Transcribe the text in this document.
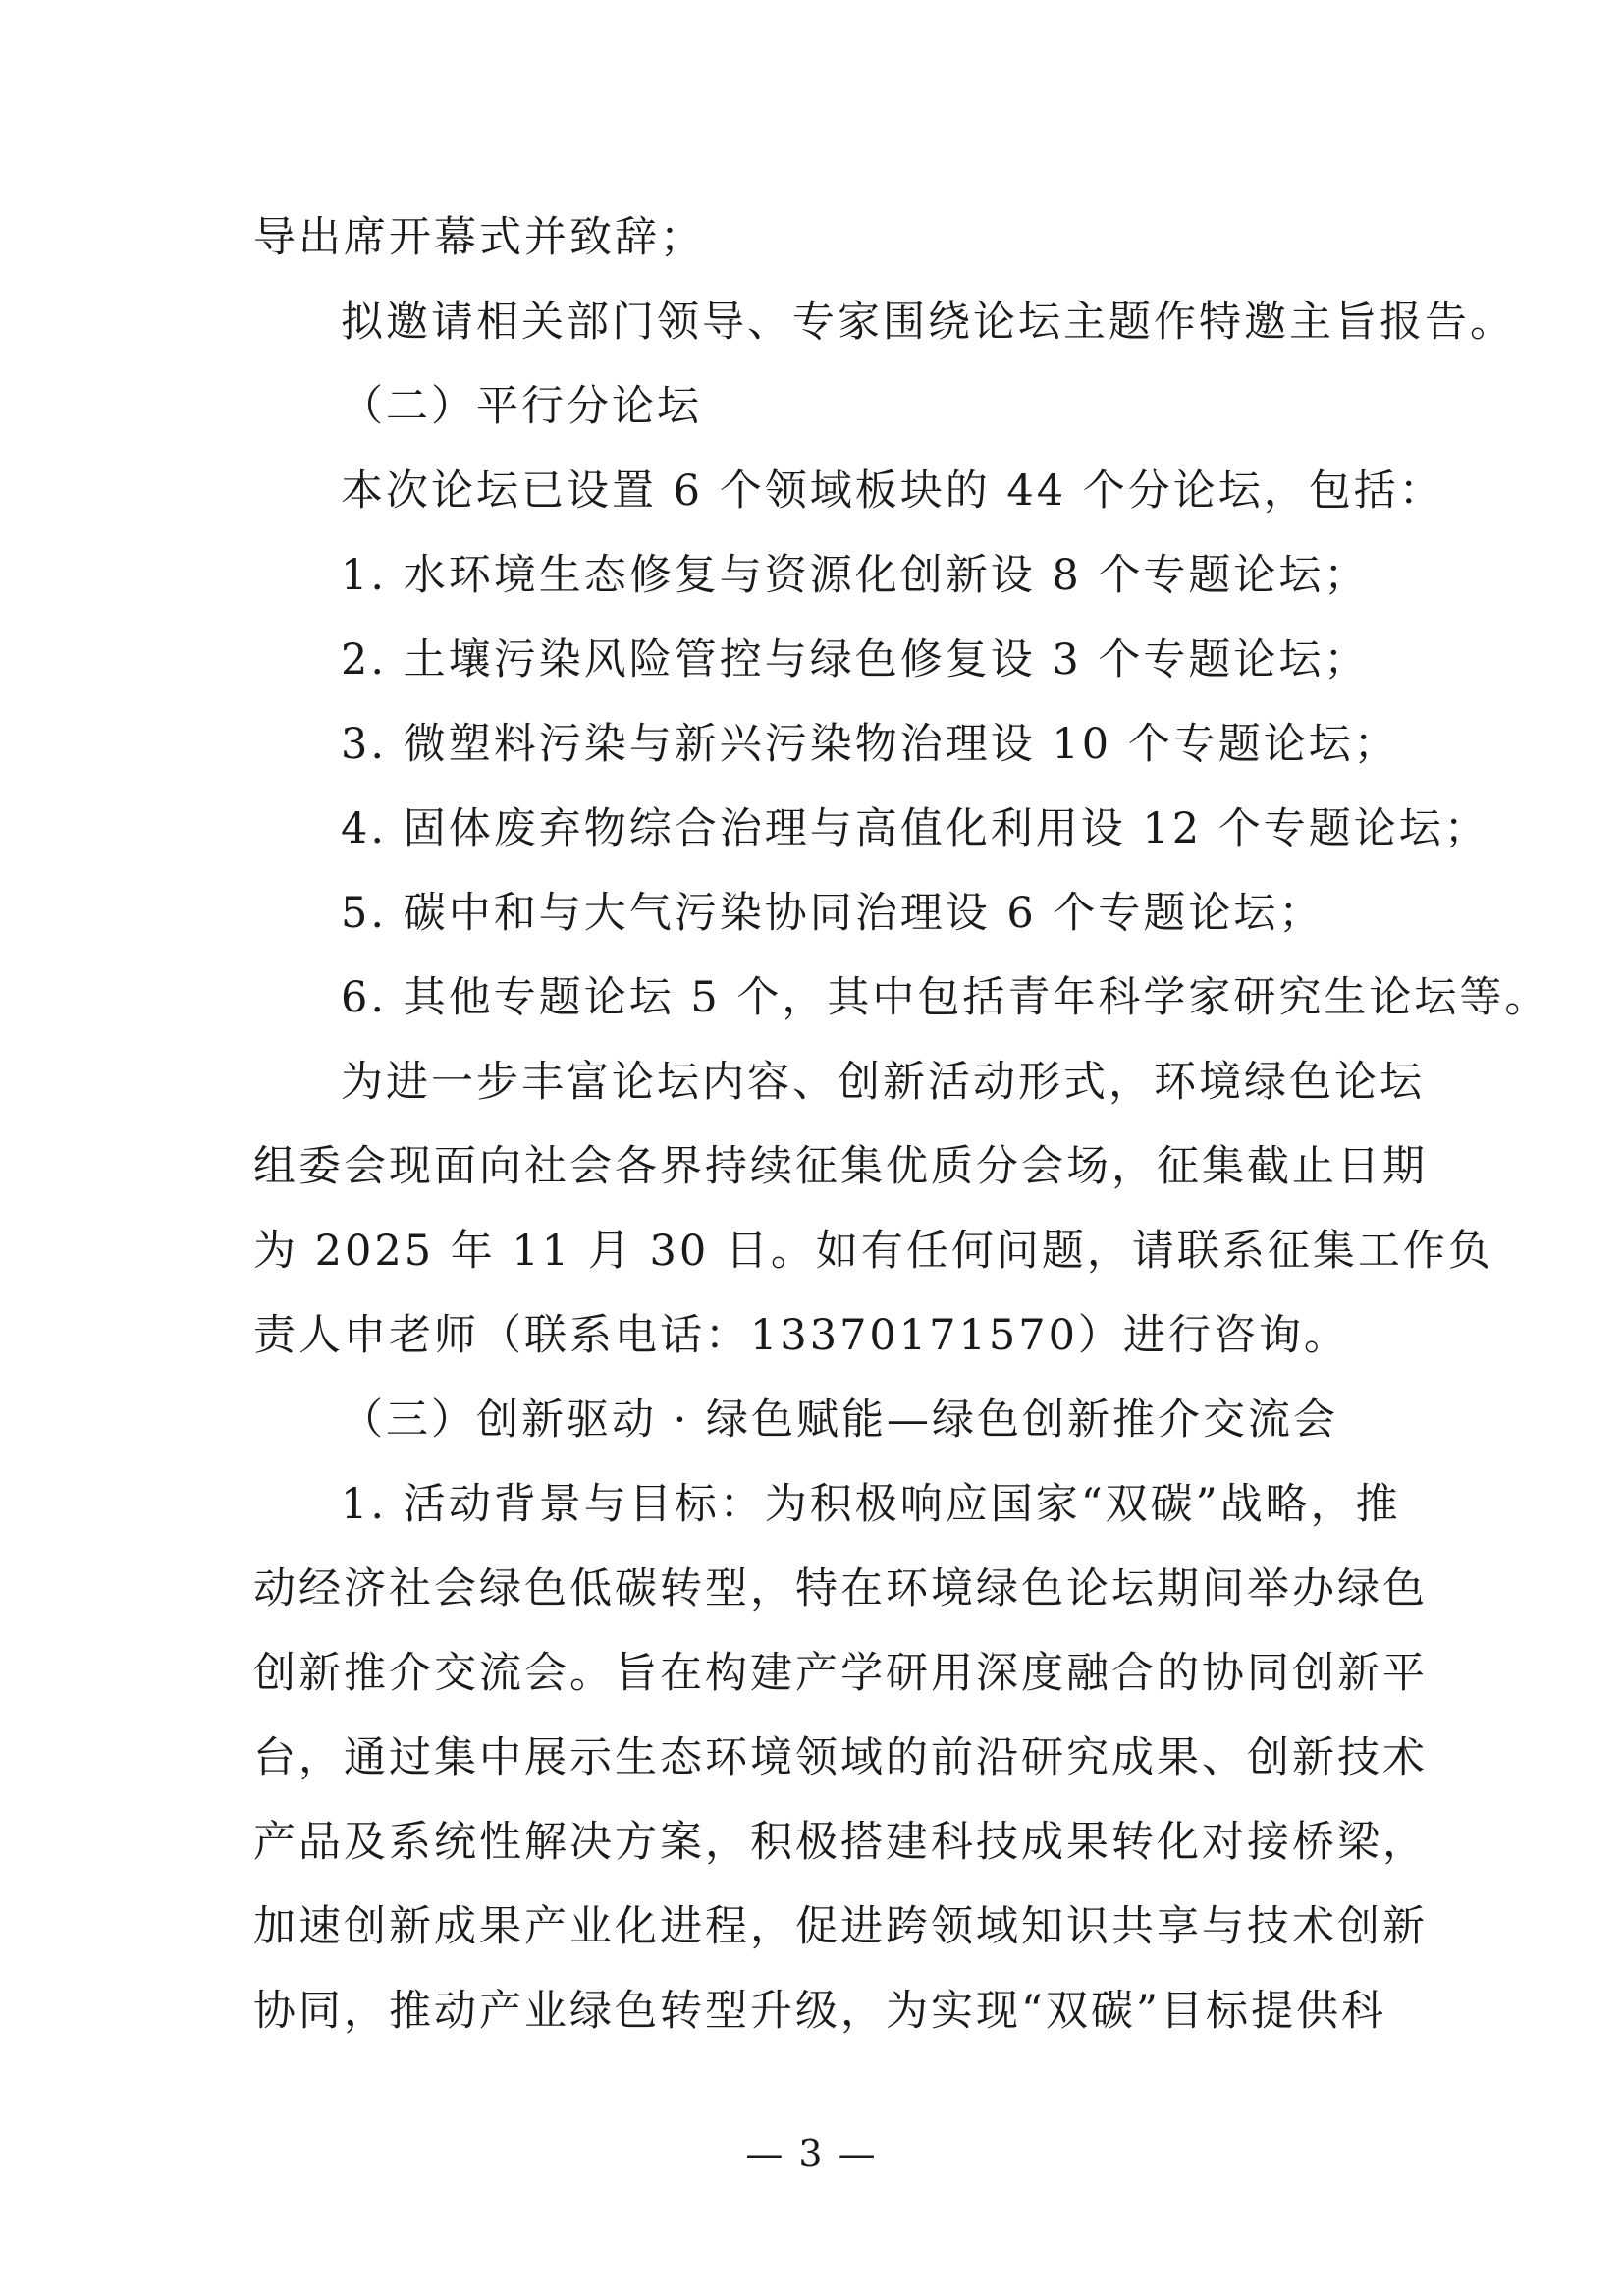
导出席开幕式并致辞；
拟邀请相关部门领导、专家围绕论坛主题作特邀主旨报告。
（二）平行分论坛
本次论坛已设置 6 个领域板块的 44 个分论坛，包括：
1. 水环境生态修复与资源化创新设 8 个专题论坛；
2. 土壤污染风险管控与绿色修复设 3 个专题论坛；
3. 微塑料污染与新兴污染物治理设 10 个专题论坛；
4. 固体废弃物综合治理与高值化利用设 12 个专题论坛；
5. 碳中和与大气污染协同治理设 6 个专题论坛；
6. 其他专题论坛 5 个，其中包括青年科学家研究生论坛等。
为进一步丰富论坛内容、创新活动形式，环境绿色论坛
组委会现面向社会各界持续征集优质分会场，征集截止日期
为 2025 年 11 月 30 日。如有任何问题，请联系征集工作负
责人申老师（联系电话：13370171570）进行咨询。
（三）创新驱动 · 绿色赋能—绿色创新推介交流会
1. 活动背景与目标：为积极响应国家“双碳”战略，推
动经济社会绿色低碳转型，特在环境绿色论坛期间举办绿色
创新推介交流会。旨在构建产学研用深度融合的协同创新平
台，通过集中展示生态环境领域的前沿研究成果、创新技术
产品及系统性解决方案，积极搭建科技成果转化对接桥梁，
加速创新成果产业化进程，促进跨领域知识共享与技术创新
协同，推动产业绿色转型升级，为实现“双碳”目标提供科
— 3 —
